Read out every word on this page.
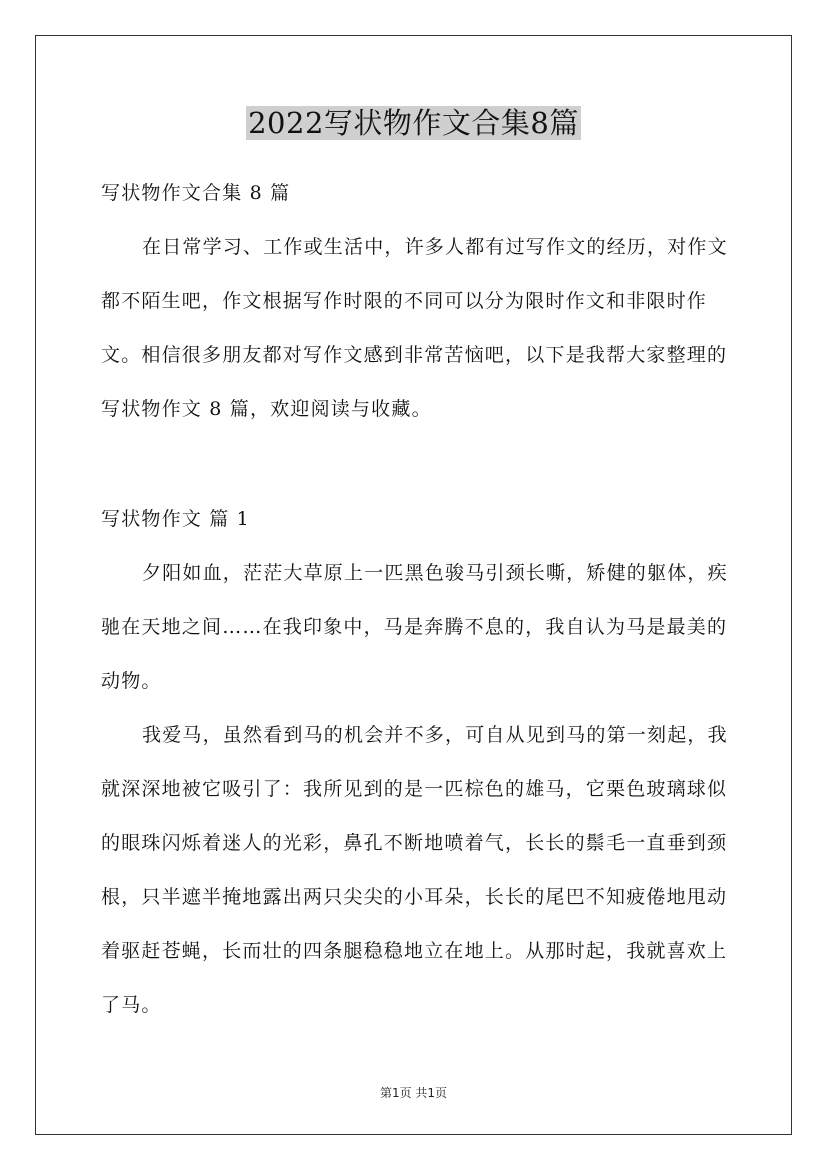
2022写状物作文合集8篇

写状物作文合集 8 篇

在日常学习、工作或生活中，许多人都有过写作文的经历，对作文都不陌生吧，作文根据写作时限的不同可以分为限时作文和非限时作文。相信很多朋友都对写作文感到非常苦恼吧，以下是我帮大家整理的写状物作文 8 篇，欢迎阅读与收藏。

写状物作文 篇 1

夕阳如血，茫茫大草原上一匹黑色骏马引颈长嘶，矫健的躯体，疾驰在天地之间……在我印象中，马是奔腾不息的，我自认为马是最美的动物。

我爱马，虽然看到马的机会并不多，可自从见到马的第一刻起，我就深深地被它吸引了：我所见到的是一匹棕色的雄马，它栗色玻璃球似的眼珠闪烁着迷人的光彩，鼻孔不断地喷着气，长长的鬃毛一直垂到颈根，只半遮半掩地露出两只尖尖的小耳朵，长长的尾巴不知疲倦地甩动着驱赶苍蝇，长而壮的四条腿稳稳地立在地上。从那时起，我就喜欢上了马。

第1页 共1页
